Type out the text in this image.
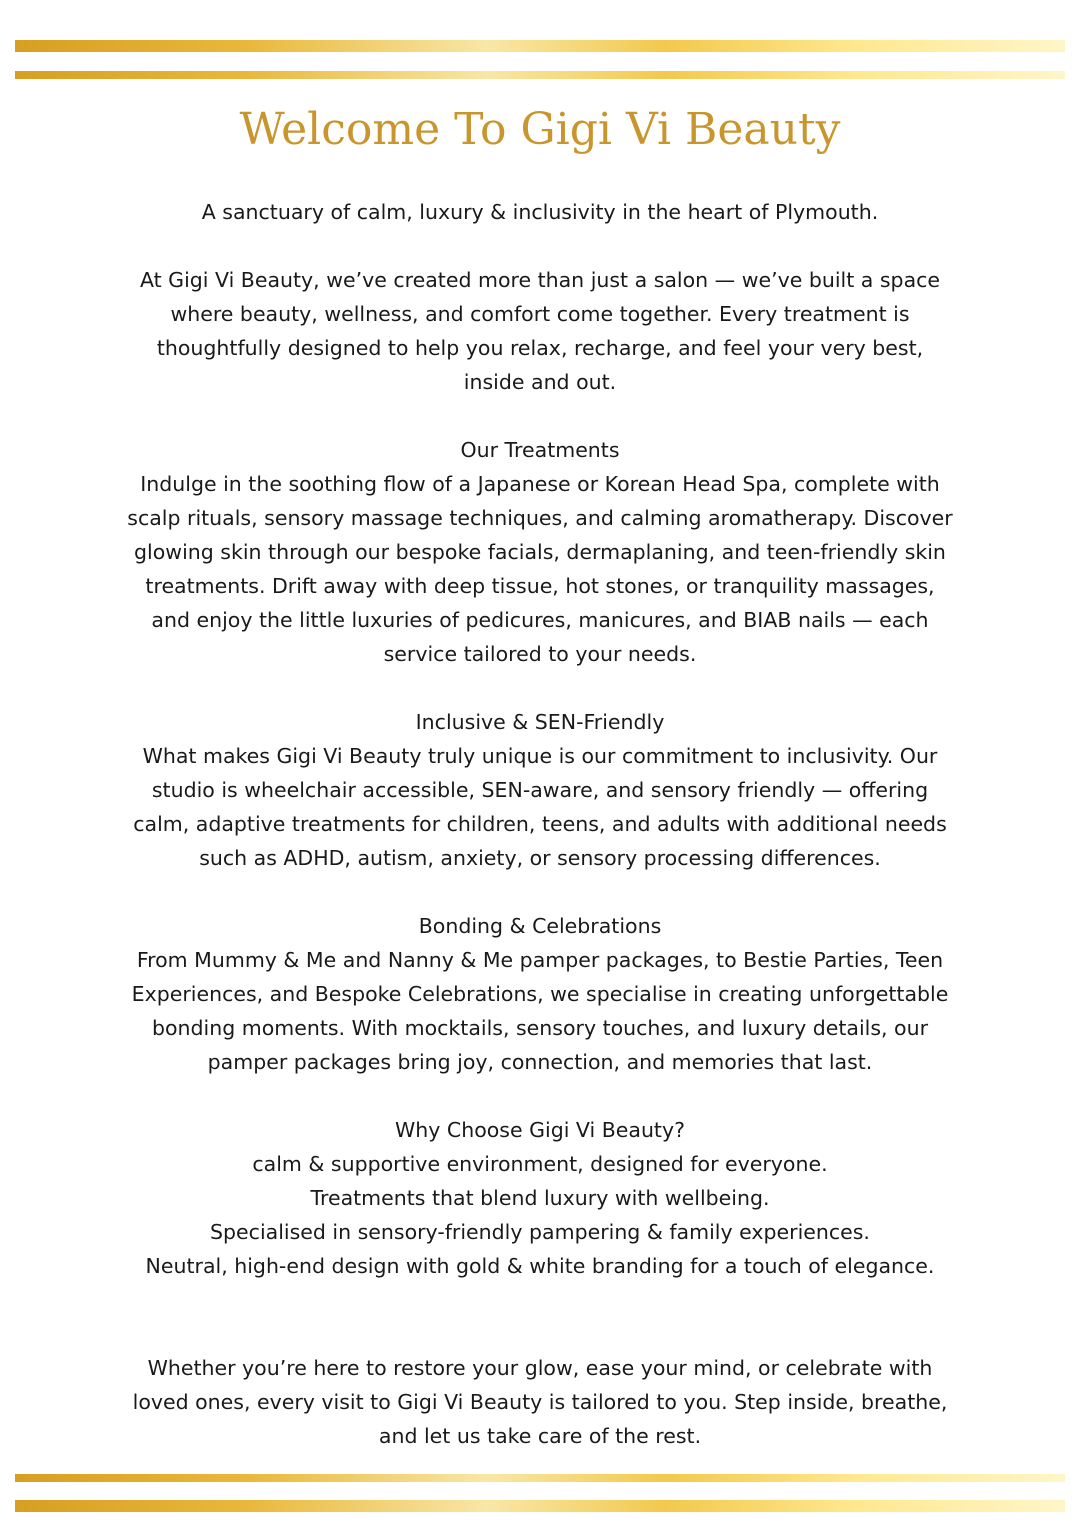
Welcome To Gigi Vi Beauty

A sanctuary of calm, luxury & inclusivity in the heart of Plymouth.

At Gigi Vi Beauty, we’ve created more than just a salon — we’ve built a space

where beauty, wellness, and comfort come together. Every treatment is

thoughtfully designed to help you relax, recharge, and feel your very best,

inside and out.

Our Treatments

Indulge in the soothing flow of a Japanese or Korean Head Spa, complete with

scalp rituals, sensory massage techniques, and calming aromatherapy. Discover

glowing skin through our bespoke facials, dermaplaning, and teen-friendly skin

treatments. Drift away with deep tissue, hot stones, or tranquility massages,

and enjoy the little luxuries of pedicures, manicures, and BIAB nails — each

service tailored to your needs.

Inclusive & SEN-Friendly

What makes Gigi Vi Beauty truly unique is our commitment to inclusivity. Our

studio is wheelchair accessible, SEN-aware, and sensory friendly — offering

calm, adaptive treatments for children, teens, and adults with additional needs

such as ADHD, autism, anxiety, or sensory processing differences.

Bonding & Celebrations

From Mummy & Me and Nanny & Me pamper packages, to Bestie Parties, Teen

Experiences, and Bespoke Celebrations, we specialise in creating unforgettable

bonding moments. With mocktails, sensory touches, and luxury details, our

pamper packages bring joy, connection, and memories that last.

Why Choose Gigi Vi Beauty?

calm & supportive environment, designed for everyone.

Treatments that blend luxury with wellbeing.

Specialised in sensory-friendly pampering & family experiences.

Neutral, high-end design with gold & white branding for a touch of elegance.

Whether you’re here to restore your glow, ease your mind, or celebrate with

loved ones, every visit to Gigi Vi Beauty is tailored to you. Step inside, breathe,

and let us take care of the rest.
